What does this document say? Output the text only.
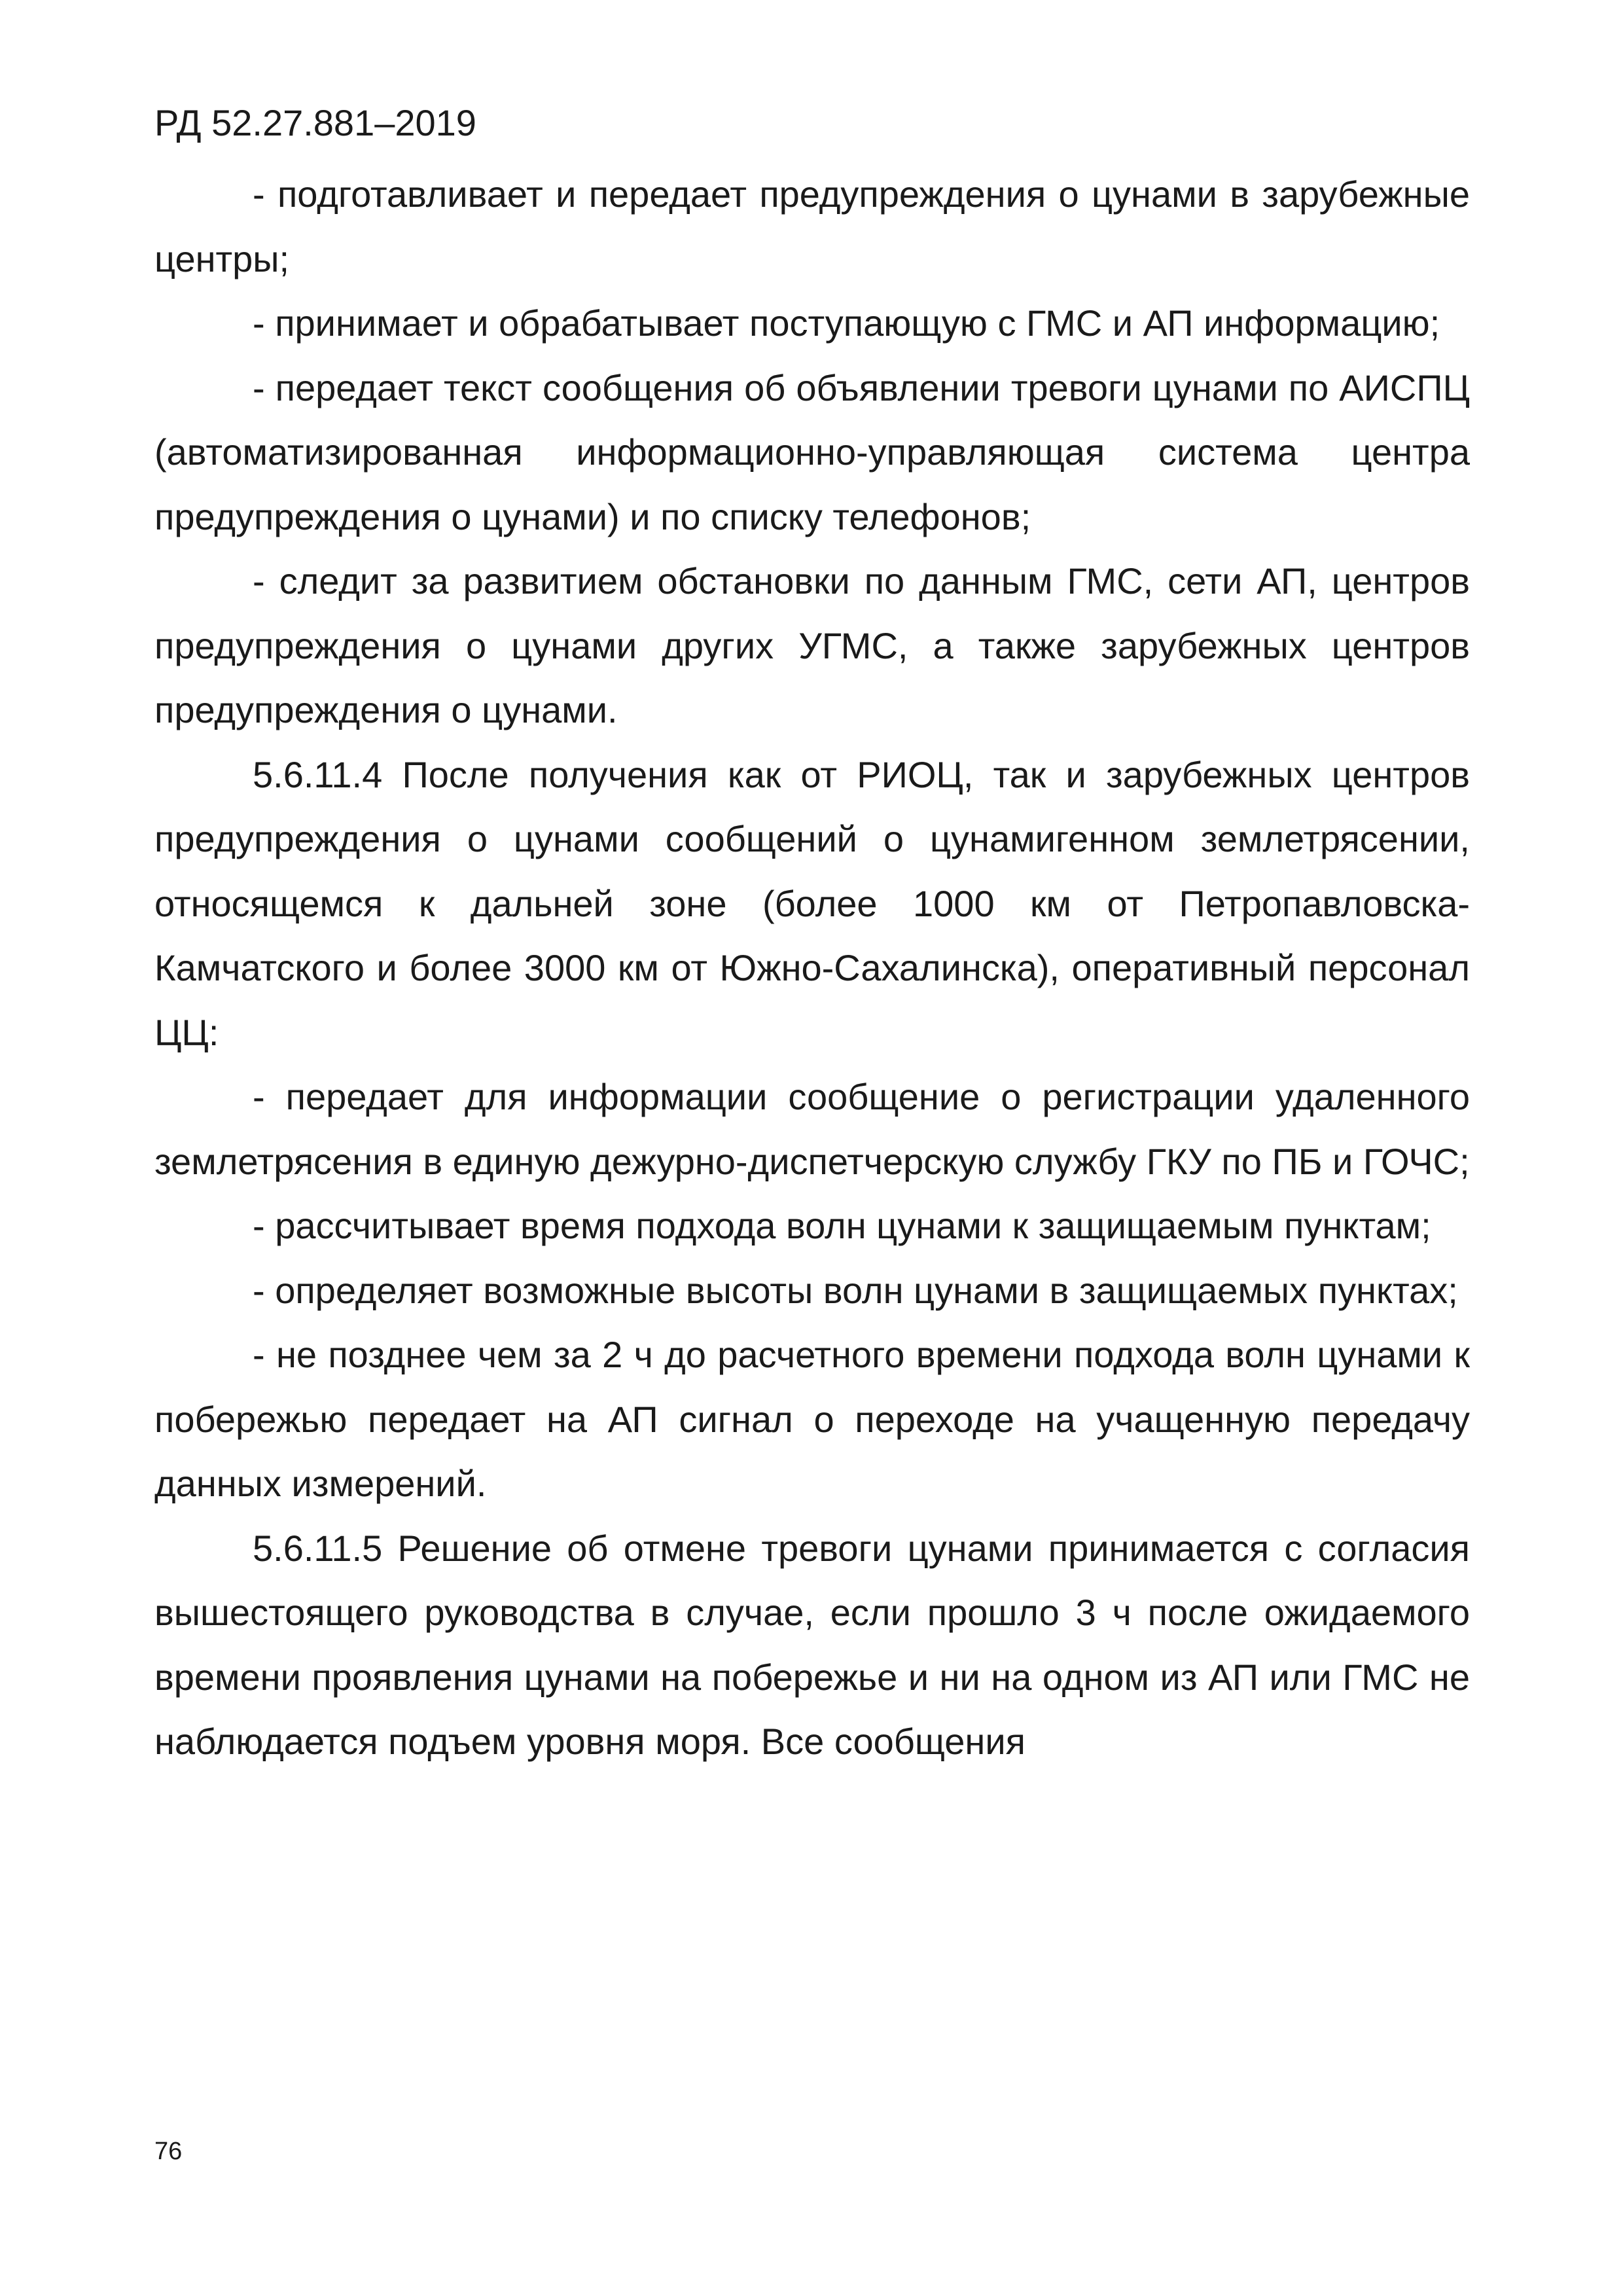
РД 52.27.881–2019

- подготавливает и передает предупреждения о цунами в зарубежные центры;

- принимает и обрабатывает поступающую с ГМС и АП информацию;

- передает текст сообщения об объявлении тревоги цунами по АИСПЦ (автоматизированная информационно-управляющая система центра предупреждения о цунами) и по списку телефонов;

- следит за развитием обстановки по данным ГМС, сети АП, центров предупреждения о цунами других УГМС, а также зарубежных центров предупреждения о цунами.

5.6.11.4 После получения как от РИОЦ, так и зарубежных центров предупреждения о цунами сообщений о цунамигенном землетрясении, относящемся к дальней зоне (более 1000 км от Петропавловска-Камчатского и более 3000 км от Южно-Сахалинска), оперативный персонал ЦЦ:

- передает для информации сообщение о регистрации удаленного землетрясения в единую дежурно-диспетчерскую службу ГКУ по ПБ и ГОЧС;

- рассчитывает время подхода волн цунами к защищаемым пунктам;

- определяет возможные высоты волн цунами в защищаемых пунктах;

- не позднее чем за 2 ч до расчетного времени подхода волн цунами к побережью передает на АП сигнал о переходе на учащенную передачу данных измерений.

5.6.11.5 Решение об отмене тревоги цунами принимается с согласия вышестоящего руководства в случае, если прошло 3 ч после ожидаемого времени проявления цунами на побережье и ни на одном из АП или ГМС не наблюдается подъем уровня моря. Все сообщения

76
